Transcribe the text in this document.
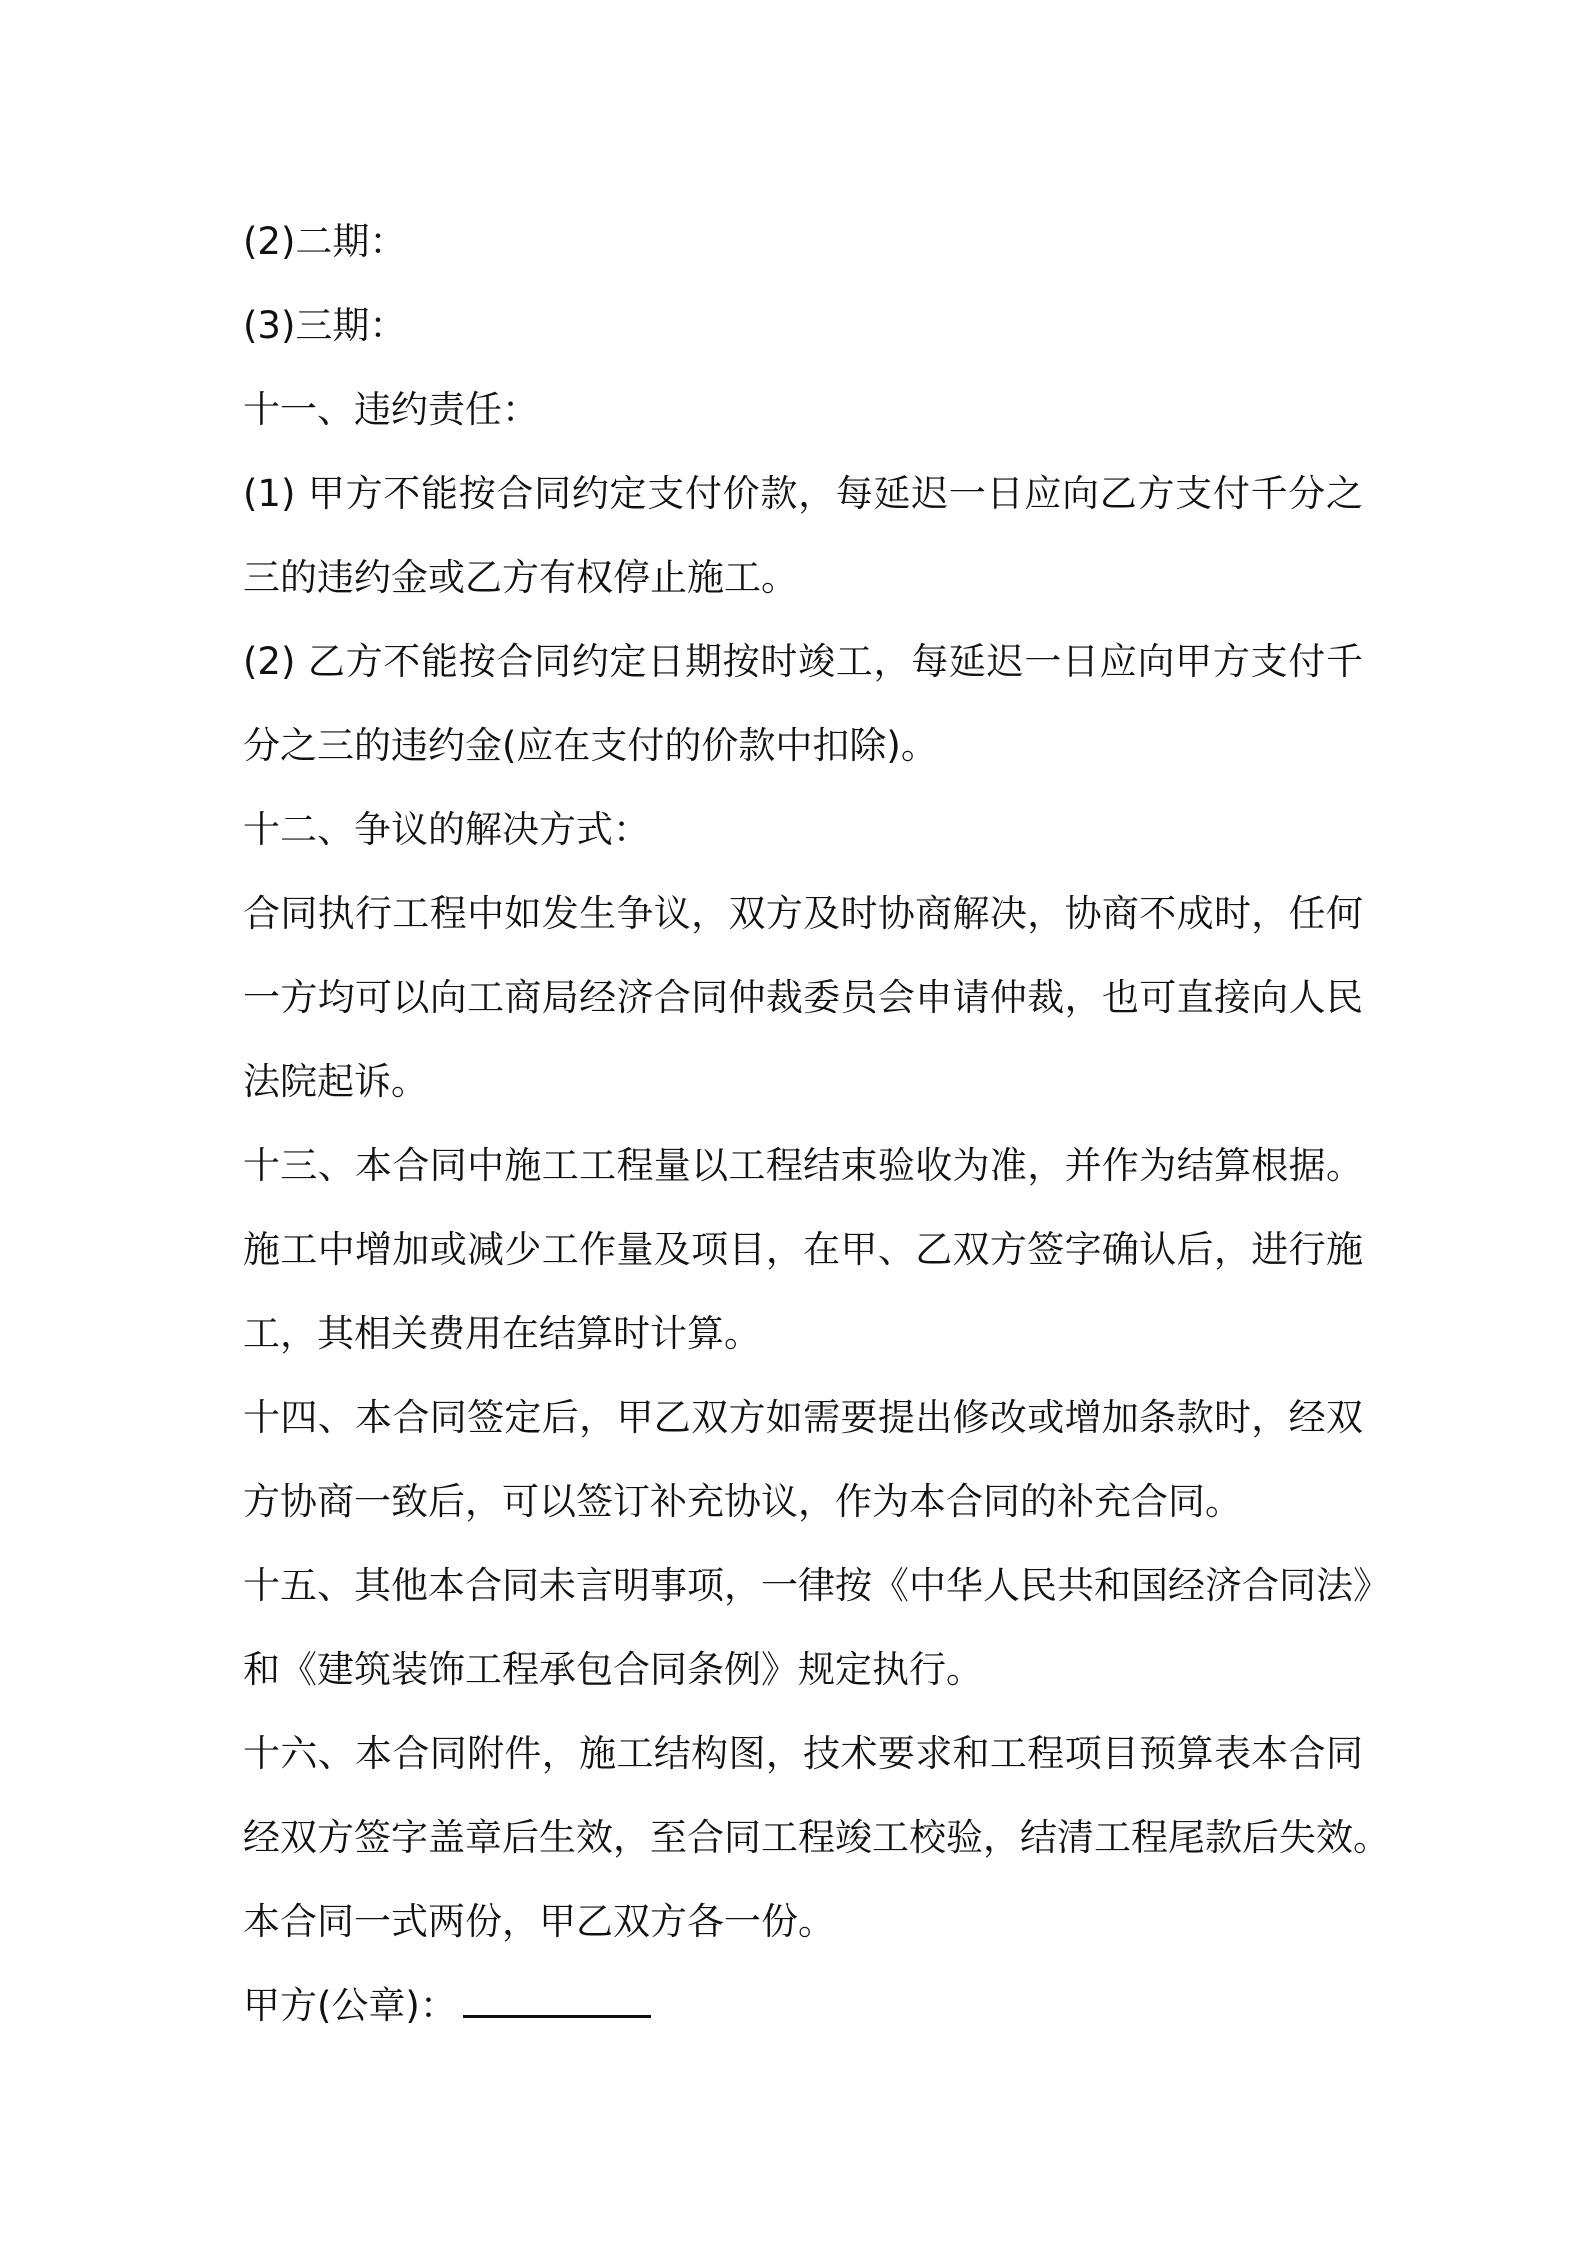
(2)二期：
(3)三期：
十一、违约责任：
(1) 甲方不能按合同约定支付价款，每延迟一日应向乙方支付千分之
三的违约金或乙方有权停止施工。
(2) 乙方不能按合同约定日期按时竣工，每延迟一日应向甲方支付千
分之三的违约金(应在支付的价款中扣除)。
十二、争议的解决方式：
合同执行工程中如发生争议，双方及时协商解决，协商不成时，任何
一方均可以向工商局经济合同仲裁委员会申请仲裁，也可直接向人民
法院起诉。
十三、本合同中施工工程量以工程结束验收为准，并作为结算根据。
施工中增加或减少工作量及项目，在甲、乙双方签字确认后，进行施
工，其相关费用在结算时计算。
十四、本合同签定后，甲乙双方如需要提出修改或增加条款时，经双
方协商一致后，可以签订补充协议，作为本合同的补充合同。
十五、其他本合同未言明事项，一律按《中华人民共和国经济合同法》
和《建筑装饰工程承包合同条例》规定执行。
十六、本合同附件，施工结构图，技术要求和工程项目预算表本合同
经双方签字盖章后生效，至合同工程竣工校验，结清工程尾款后失效。
本合同一式两份，甲乙双方各一份。
甲方(公章)：
